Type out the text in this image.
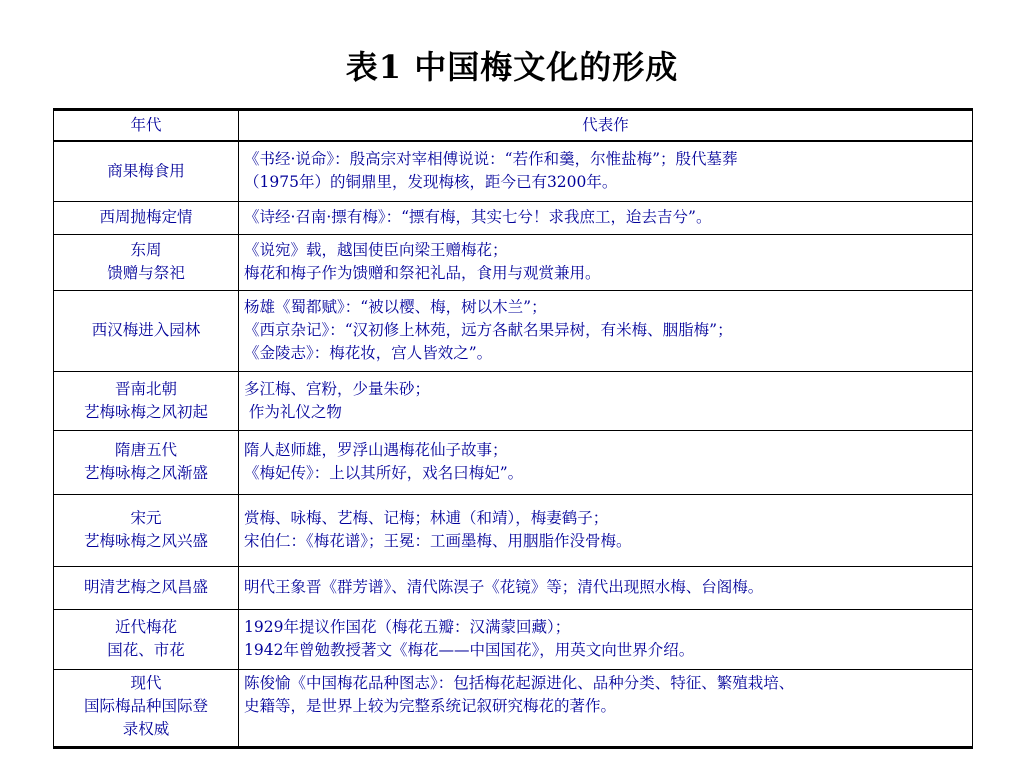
表1 中国梅文化的形成
年代	代表作

商果梅食用	《书经·说命》：殷高宗对宰相傅说说：“若作和羹，尔惟盐梅”；殷代墓葬
（1975年）的铜鼎里，发现梅核，距今已有3200年。

西周抛梅定情	《诗经·召南·摽有梅》：“摽有梅，其实七兮！求我庶工，迨去吉兮”。

东周
馈赠与祭祀	《说宛》载，越国使臣向梁王赠梅花；
梅花和梅子作为馈赠和祭祀礼品，食用与观赏兼用。

西汉梅进入园林	杨雄《蜀都赋》：“被以樱、梅，树以木兰”；
《西京杂记》：“汉初修上林苑，远方各献名果异树，有米梅、胭脂梅”；
《金陵志》：梅花妆，宫人皆效之”。

晋南北朝
艺梅咏梅之风初起	多江梅、宫粉，少量朱砂；
作为礼仪之物

隋唐五代
艺梅咏梅之风渐盛	隋人赵师雄，罗浮山遇梅花仙子故事；
《梅妃传》：上以其所好，戏名曰梅妃”。

宋元
艺梅咏梅之风兴盛	赏梅、咏梅、艺梅、记梅；林逋（和靖），梅妻鹤子；
宋伯仁：《梅花谱》；王冕：工画墨梅、用胭脂作没骨梅。

明清艺梅之风昌盛	明代王象晋《群芳谱》、清代陈淏子《花镜》等；清代出现照水梅、台阁梅。

近代梅花
国花、市花	1929年提议作国花（梅花五瓣：汉满蒙回藏）；
1942年曾勉教授著文《梅花——中国国花》，用英文向世界介绍。

现代
国际梅品种国际登
录权威	陈俊愉《中国梅花品种图志》：包括梅花起源进化、品种分类、特征、繁殖栽培、
史籍等，是世界上较为完整系统记叙研究梅花的著作。
